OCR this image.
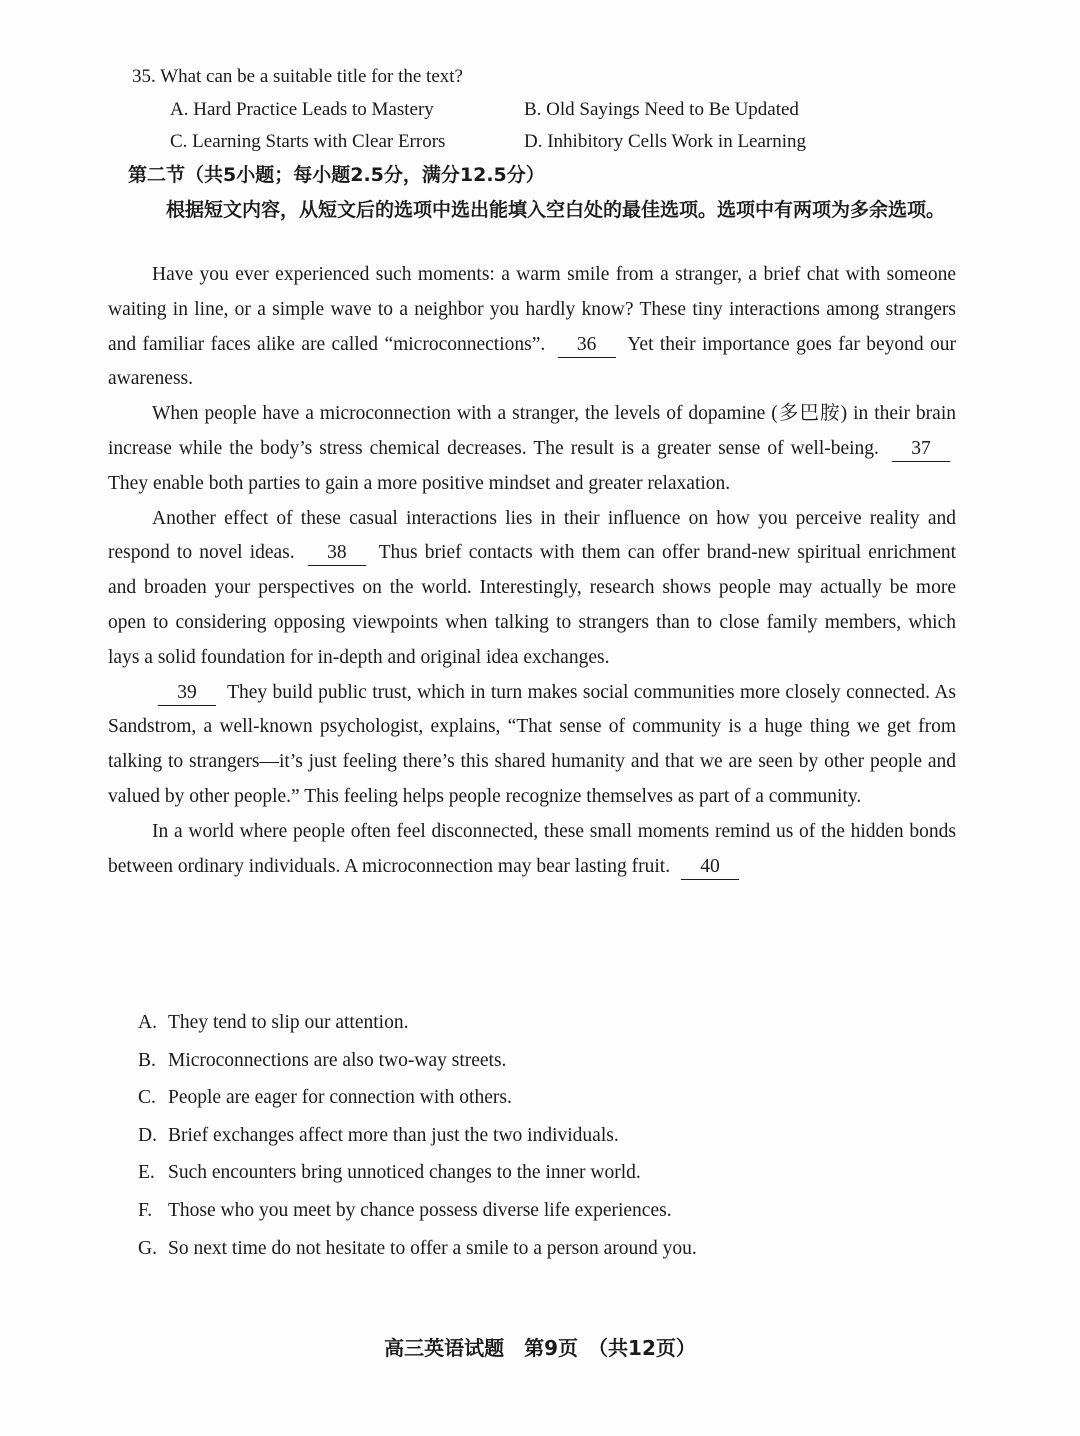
35. What can be a suitable title for the text?
A. Hard Practice Leads to Mastery	B. Old Sayings Need to Be Updated
C. Learning Starts with Clear Errors	D. Inhibitory Cells Work in Learning
第二节（共5小题；每小题2.5分，满分12.5分）
根据短文内容，从短文后的选项中选出能填入空白处的最佳选项。选项中有两项为多余选项。

Have you ever experienced such moments: a warm smile from a stranger, a brief chat with someone waiting in line, or a simple wave to a neighbor you hardly know? These tiny interactions among strangers and familiar faces alike are called “microconnections”. 36 Yet their importance goes far beyond our awareness.

When people have a microconnection with a stranger, the levels of dopamine (多巴胺) in their brain increase while the body’s stress chemical decreases. The result is a greater sense of well-being. 37 They enable both parties to gain a more positive mindset and greater relaxation.

Another effect of these casual interactions lies in their influence on how you perceive reality and respond to novel ideas. 38 Thus brief contacts with them can offer brand-new spiritual enrichment and broaden your perspectives on the world. Interestingly, research shows people may actually be more open to considering opposing viewpoints when talking to strangers than to close family members, which lays a solid foundation for in-depth and original idea exchanges.

39 They build public trust, which in turn makes social communities more closely connected. As Sandstrom, a well-known psychologist, explains, “That sense of community is a huge thing we get from talking to strangers—it’s just feeling there’s this shared humanity and that we are seen by other people and valued by other people.” This feeling helps people recognize themselves as part of a community.

In a world where people often feel disconnected, these small moments remind us of the hidden bonds between ordinary individuals. A microconnection may bear lasting fruit. 40

A. They tend to slip our attention.
B. Microconnections are also two-way streets.
C. People are eager for connection with others.
D. Brief exchanges affect more than just the two individuals.
E. Such encounters bring unnoticed changes to the inner world.
F. Those who you meet by chance possess diverse life experiences.
G. So next time do not hesitate to offer a smile to a person around you.
高三英语试题　第9页　（共12页）
